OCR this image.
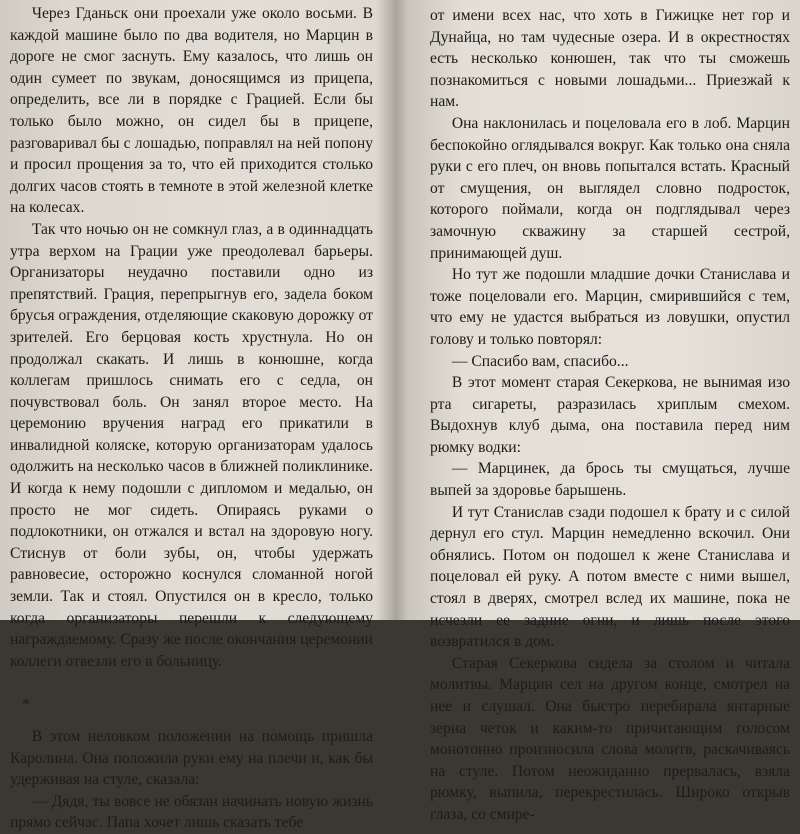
Через Гданьск они проехали уже около восьми. В каждой машине было по два водителя, но Марцин в дороге не смог заснуть. Ему казалось, что лишь он один сумеет по звукам, доносящимся из прицепа, определить, все ли в порядке с Грацией. Если бы только было можно, он сидел бы в прицепе, разговаривал бы с лошадью, поправлял на ней попону и просил прощения за то, что ей приходится столько долгих часов стоять в темноте в этой железной клетке на колесах.

Так что ночью он не сомкнул глаз, а в одиннадцать утра верхом на Грации уже преодолевал барьеры. Организаторы неудачно поставили одно из препятствий. Грация, перепрыгнув его, задела боком брусья ограждения, отделяющие скаковую дорожку от зрителей. Его берцовая кость хрустнула. Но он продолжал скакать. И лишь в конюшне, когда коллегам пришлось снимать его с седла, он почувствовал боль. Он занял второе место. На церемонию вручения наград его прикатили в инвалидной коляске, которую организаторам удалось одолжить на несколько часов в ближней поликлинике. И когда к нему подошли с дипломом и медалью, он просто не мог сидеть. Опираясь руками о подлокотники, он отжался и встал на здоровую ногу. Стиснув от боли зубы, он, чтобы удержать равновесие, осторожно коснулся сломанной ногой земли. Так и стоял. Опустился он в кресло, только когда организаторы перешли к следующему награждаемому. Сразу же после окончания церемонии коллеги отвезли его в больницу.

*

В этом неловком положении на помощь пришла Каролина. Она положила руки ему на плечи и, как бы удерживая на стуле, сказала:

— Дядя, ты вовсе не обязан начинать новую жизнь прямо сейчас. Папа хочет лишь сказать тебе

от имени всех нас, что хоть в Гижицке нет гор и Дунайца, но там чудесные озера. И в окрестностях есть несколько конюшен, так что ты сможешь познакомиться с новыми лошадьми... Приезжай к нам.

Она наклонилась и поцеловала его в лоб. Марцин беспокойно оглядывался вокруг. Как только она сняла руки с его плеч, он вновь попытался встать. Красный от смущения, он выглядел словно подросток, которого поймали, когда он подглядывал через замочную скважину за старшей сестрой, принимающей душ.

Но тут же подошли младшие дочки Станислава и тоже поцеловали его. Марцин, смирившийся с тем, что ему не удастся выбраться из ловушки, опустил голову и только повторял:

— Спасибо вам, спасибо...

В этот момент старая Секеркова, не вынимая изо рта сигареты, разразилась хриплым смехом. Выдохнув клуб дыма, она поставила перед ним рюмку водки:

— Марцинек, да брось ты смущаться, лучше выпей за здоровье барышень.

И тут Станислав сзади подошел к брату и с силой дернул его стул. Марцин немедленно вскочил. Они обнялись. Потом он подошел к жене Станислава и поцеловал ей руку. А потом вместе с ними вышел, стоял в дверях, смотрел вслед их машине, пока не исчезли ее задние огни, и лишь после этого возвратился в дом.

Старая Секеркова сидела за столом и читала молитвы. Марцин сел на другом конце, смотрел на нее и слушал. Она быстро перебирала янтарные зерна четок и каким-то причитающим голосом монотонно произносила слова молитв, раскачиваясь на стуле. Потом неожиданно прервалась, взяла рюмку, выпила, перекрестилась. Широко открыв глаза, со смире-
